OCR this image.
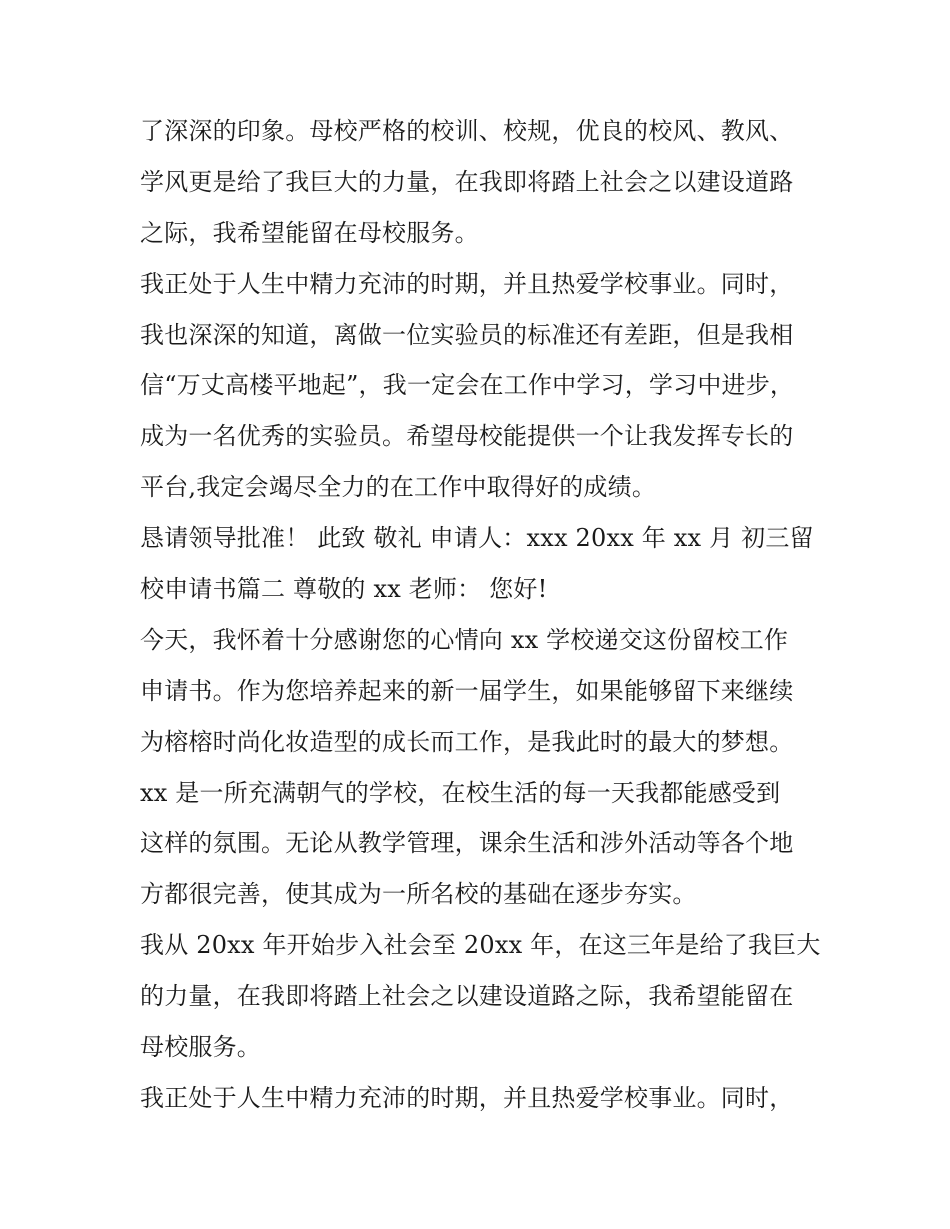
了深深的印象。母校严格的校训、校规，优良的校风、教风、
学风更是给了我巨大的力量，在我即将踏上社会之以建设道路
之际，我希望能留在母校服务。
我正处于人生中精力充沛的时期，并且热爱学校事业。同时，
我也深深的知道，离做一位实验员的标准还有差距，但是我相
信“万丈高楼平地起”，我一定会在工作中学习，学习中进步，
成为一名优秀的实验员。希望母校能提供一个让我发挥专长的
平台,我定会竭尽全力的在工作中取得好的成绩。
恳请领导批准！ 此致 敬礼 申请人：xxx 20xx 年 xx 月 初三留
校申请书篇二 尊敬的 xx 老师： 您好!
今天，我怀着十分感谢您的心情向 xx 学校递交这份留校工作
申请书。作为您培养起来的新一届学生，如果能够留下来继续
为榕榕时尚化妆造型的成长而工作，是我此时的最大的梦想。
xx 是一所充满朝气的学校，在校生活的每一天我都能感受到
这样的氛围。无论从教学管理，课余生活和涉外活动等各个地
方都很完善，使其成为一所名校的基础在逐步夯实。
我从 20xx 年开始步入社会至 20xx 年，在这三年是给了我巨大
的力量，在我即将踏上社会之以建设道路之际，我希望能留在
母校服务。
我正处于人生中精力充沛的时期，并且热爱学校事业。同时，
